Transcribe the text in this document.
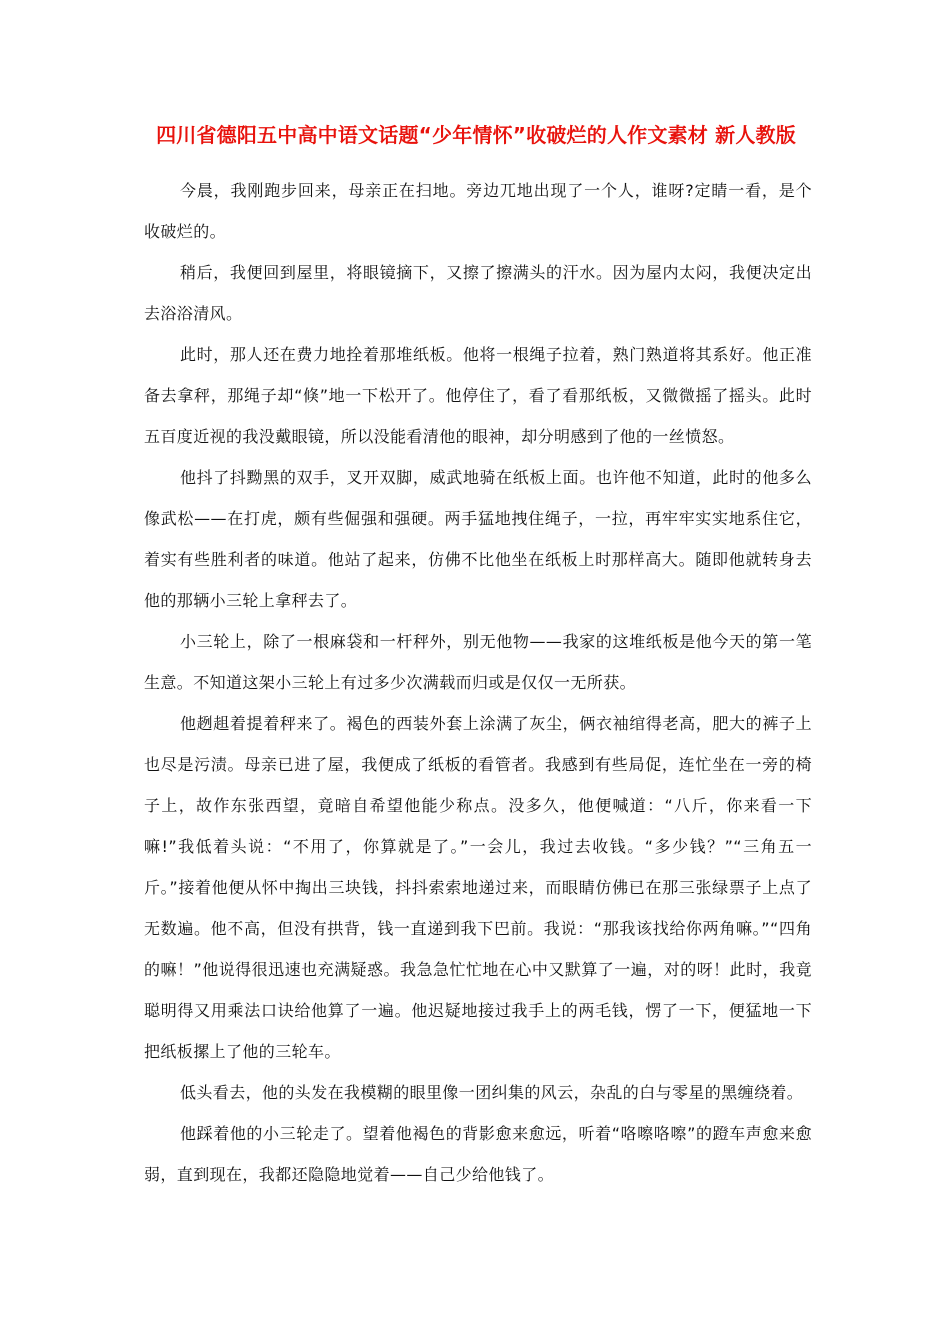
四川省德阳五中高中语文话题“少年情怀”收破烂的人作文素材 新人教版

今晨，我刚跑步回来，母亲正在扫地。旁边兀地出现了一个人，谁呀?定睛一看，是个收破烂的。

稍后，我便回到屋里，将眼镜摘下，又擦了擦满头的汗水。因为屋内太闷，我便决定出去浴浴清风。

此时，那人还在费力地拴着那堆纸板。他将一根绳子拉着，熟门熟道将其系好。他正准备去拿秤，那绳子却“倏”地一下松开了。他停住了，看了看那纸板，又微微摇了摇头。此时五百度近视的我没戴眼镜，所以没能看清他的眼神，却分明感到了他的一丝愤怒。

他抖了抖黝黑的双手，叉开双脚，威武地骑在纸板上面。也许他不知道，此时的他多么像武松——在打虎，颇有些倔强和强硬。两手猛地拽住绳子，一拉，再牢牢实实地系住它，着实有些胜利者的味道。他站了起来，仿佛不比他坐在纸板上时那样高大。随即他就转身去他的那辆小三轮上拿秤去了。

小三轮上，除了一根麻袋和一杆秤外，别无他物——我家的这堆纸板是他今天的第一笔生意。不知道这架小三轮上有过多少次满载而归或是仅仅一无所获。

他趔趄着提着秤来了。褐色的西装外套上涂满了灰尘，俩衣袖绾得老高，肥大的裤子上也尽是污渍。母亲已进了屋，我便成了纸板的看管者。我感到有些局促，连忙坐在一旁的椅子上，故作东张西望，竟暗自希望他能少称点。没多久，他便喊道：“八斤，你来看一下嘛!”我低着头说：“不用了，你算就是了。”一会儿，我过去收钱。“多少钱？”“三角五一斤。”接着他便从怀中掏出三块钱，抖抖索索地递过来，而眼睛仿佛已在那三张绿票子上点了无数遍。他不高，但没有拱背，钱一直递到我下巴前。我说：“那我该找给你两角嘛。”“四角的嘛！”他说得很迅速也充满疑惑。我急急忙忙地在心中又默算了一遍，对的呀！此时，我竟聪明得又用乘法口诀给他算了一遍。他迟疑地接过我手上的两毛钱，愣了一下，便猛地一下把纸板摞上了他的三轮车。

低头看去，他的头发在我模糊的眼里像一团纠集的风云，杂乱的白与零星的黑缠绕着。

他踩着他的小三轮走了。望着他褐色的背影愈来愈远，听着“咯嚓咯嚓”的蹬车声愈来愈弱，直到现在，我都还隐隐地觉着——自己少给他钱了。
